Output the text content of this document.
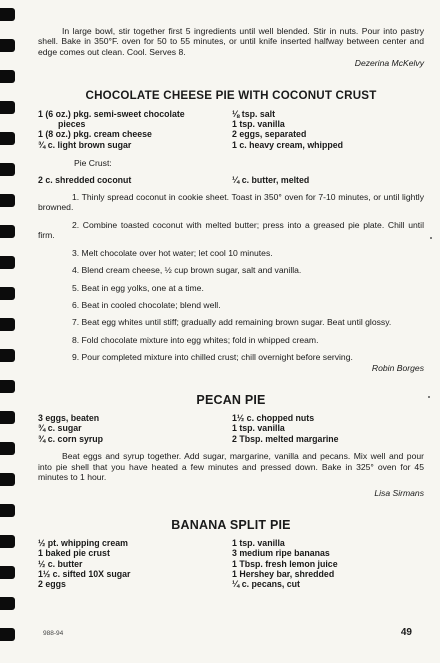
In large bowl, stir together first 5 ingredients until well blended. Stir in nuts. Pour into pastry shell. Bake in 350°F. oven for 50 to 55 minutes, or until knife inserted halfway between center and edge comes out clean. Cool. Serves 8.

Dezerina McKelvy

CHOCOLATE CHEESE PIE WITH COCONUT CRUST

1 (6 oz.) pkg. semi-sweet chocolate
pieces
1 (8 oz.) pkg. cream cheese
¾ c. light brown sugar
⅛ tsp. salt
1 tsp. vanilla
2 eggs, separated
1 c. heavy cream, whipped

Pie Crust:

2 c. shredded coconut	¼ c. butter, melted

1. Thinly spread coconut in cookie sheet. Toast in 350° oven for 7-10 minutes, or until lightly browned.

2. Combine toasted coconut with melted butter; press into a greased pie plate. Chill until firm.

3. Melt chocolate over hot water; let cool 10 minutes.

4. Blend cream cheese, ½ cup brown sugar, salt and vanilla.

5. Beat in egg yolks, one at a time.

6. Beat in cooled chocolate; blend well.

7. Beat egg whites until stiff; gradually add remaining brown sugar. Beat until glossy.

8. Fold chocolate mixture into egg whites; fold in whipped cream.

9. Pour completed mixture into chilled crust; chill overnight before serving.

Robin Borges

PECAN PIE

3 eggs, beaten
¾ c. sugar
¾ c. corn syrup
1½ c. chopped nuts
1 tsp. vanilla
2 Tbsp. melted margarine

Beat eggs and syrup together. Add sugar, margarine, vanilla and pecans. Mix well and pour into pie shell that you have heated a few minutes and pressed down. Bake in 325° oven for 45 minutes to 1 hour.

Lisa Sirmans

BANANA SPLIT PIE

½ pt. whipping cream
1 baked pie crust
½ c. butter
1½ c. sifted 10X sugar
2 eggs
1 tsp. vanilla
3 medium ripe bananas
1 Tbsp. fresh lemon juice
1 Hershey bar, shredded
¼ c. pecans, cut
988-94	49
